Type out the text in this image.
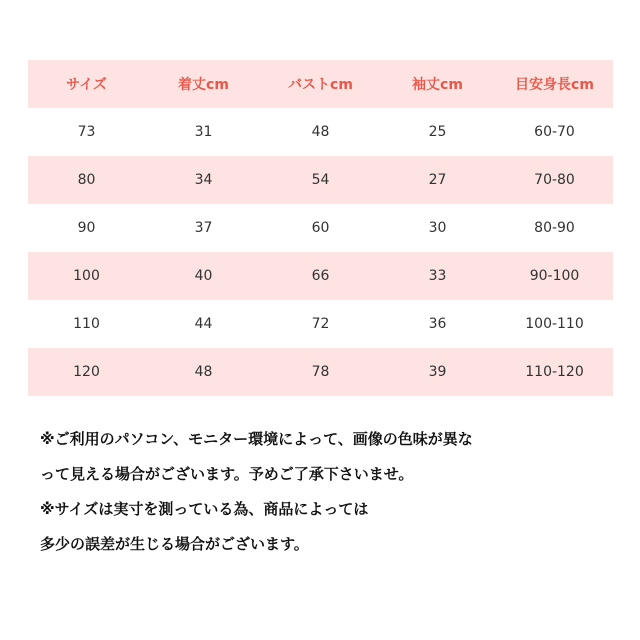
サイズ	着丈cm	バストcm	袖丈cm	目安身長cm
73	31	48	25	60-70
80	34	54	27	70-80
90	37	60	30	80-90
100	40	66	33	90-100
110	44	72	36	100-110
120	48	78	39	110-120
※ご利用のパソコン、モニター環境によって、画像の色味が異な
って見える場合がございます。予めご了承下さいませ。
※サイズは実寸を測っている為、商品によっては
多少の誤差が生じる場合がございます。
